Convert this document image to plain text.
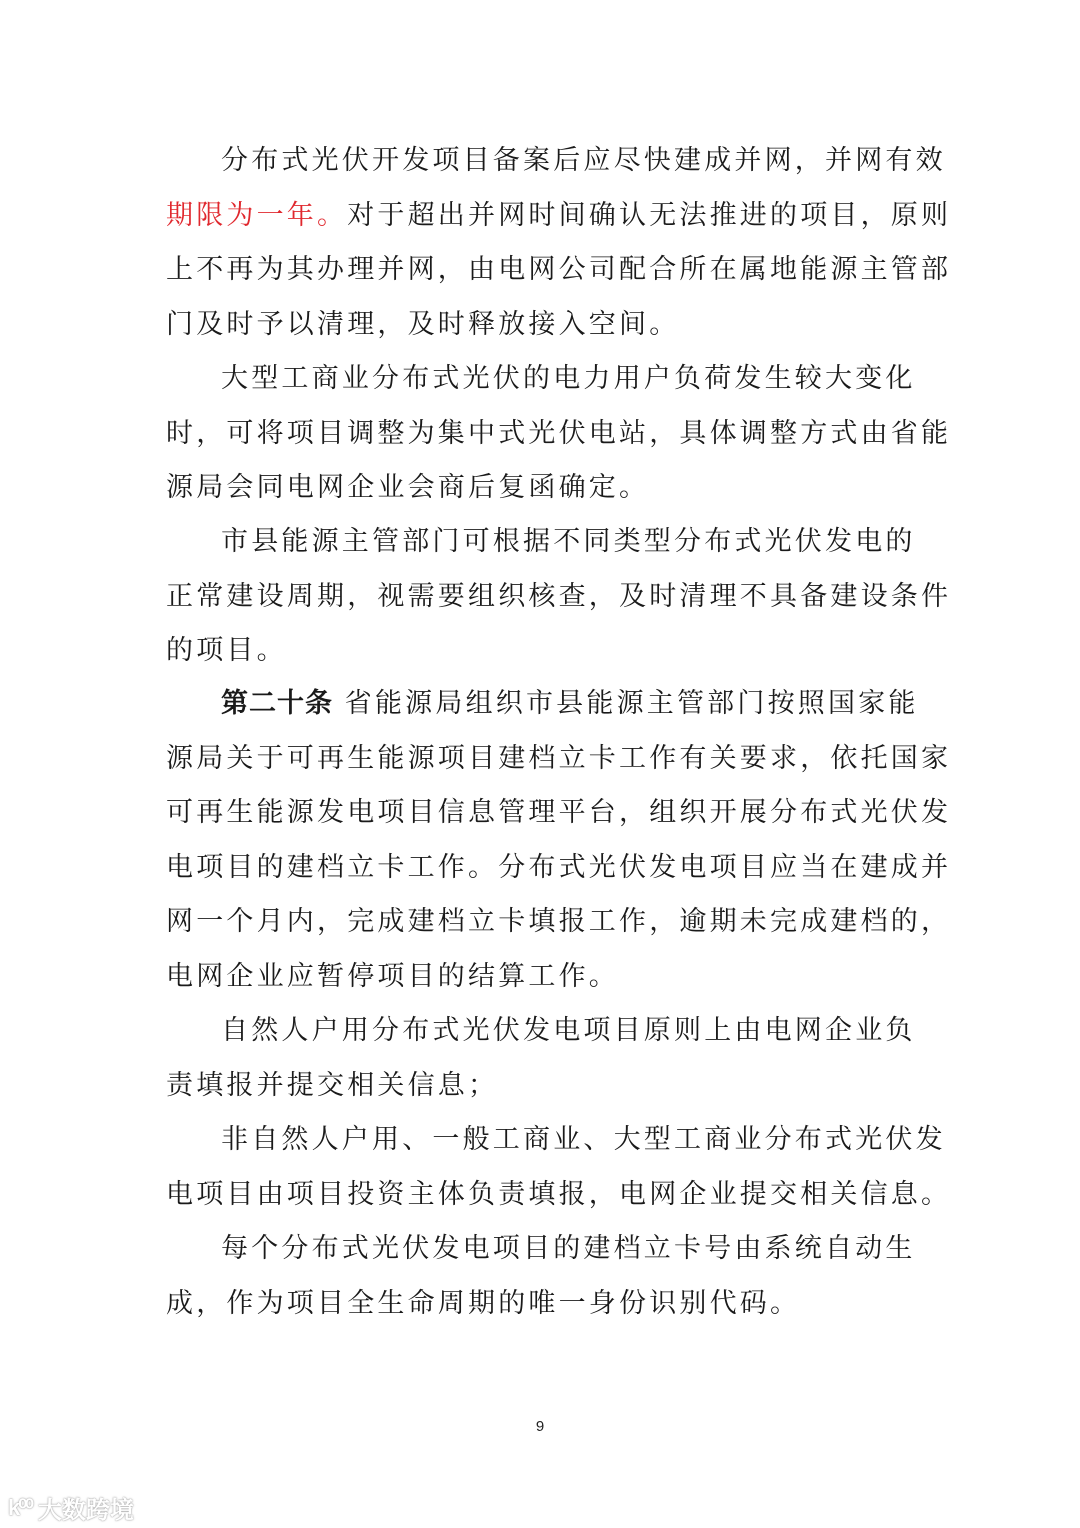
分布式光伏开发项目备案后应尽快建成并网，并网有效
期限为一年。对于超出并网时间确认无法推进的项目，原则
上不再为其办理并网，由电网公司配合所在属地能源主管部
门及时予以清理，及时释放接入空间。
大型工商业分布式光伏的电力用户负荷发生较大变化
时，可将项目调整为集中式光伏电站，具体调整方式由省能
源局会同电网企业会商后复函确定。
市县能源主管部门可根据不同类型分布式光伏发电的
正常建设周期，视需要组织核查，及时清理不具备建设条件
的项目。
第二十条 省能源局组织市县能源主管部门按照国家能
源局关于可再生能源项目建档立卡工作有关要求，依托国家
可再生能源发电项目信息管理平台，组织开展分布式光伏发
电项目的建档立卡工作。分布式光伏发电项目应当在建成并
网一个月内，完成建档立卡填报工作，逾期未完成建档的，
电网企业应暂停项目的结算工作。
自然人户用分布式光伏发电项目原则上由电网企业负
责填报并提交相关信息；
非自然人户用、一般工商业、大型工商业分布式光伏发
电项目由项目投资主体负责填报，电网企业提交相关信息。
每个分布式光伏发电项目的建档立卡号由系统自动生
成，作为项目全生命周期的唯一身份识别代码。
9
k⁰⁰ 大数跨境
